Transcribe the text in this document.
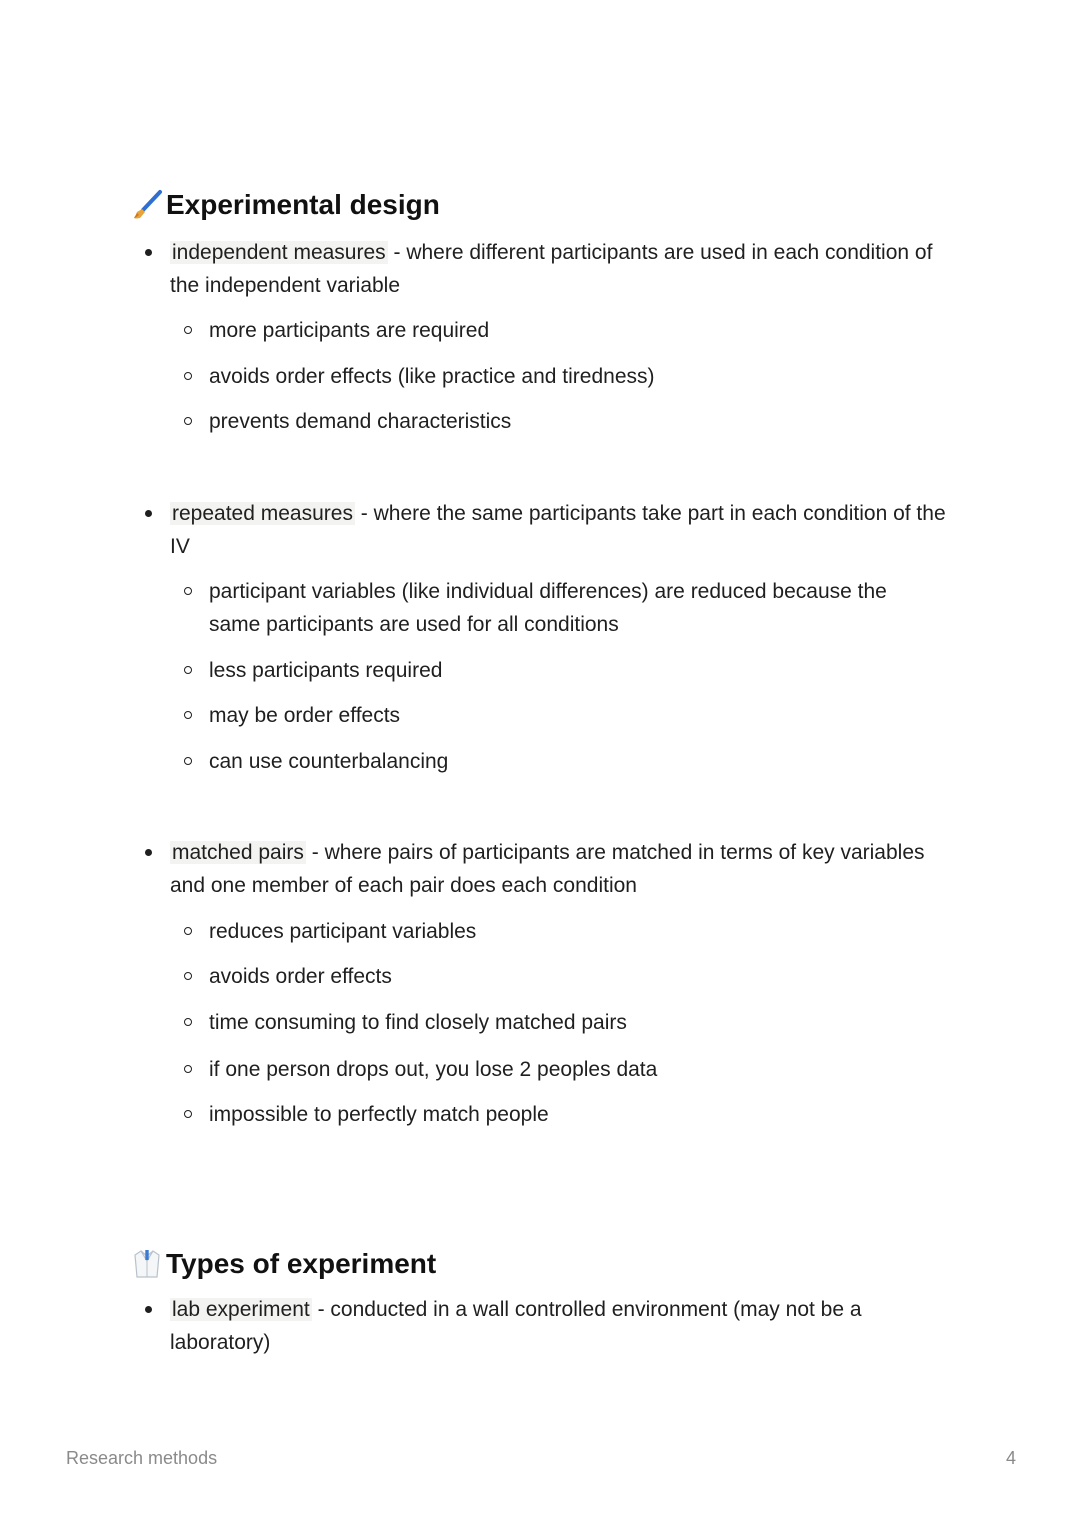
Experimental design
independent measures - where different participants are used in each condition of the independent variable
more participants are required
avoids order effects (like practice and tiredness)
prevents demand characteristics
repeated measures - where the same participants take part in each condition of the IV
participant variables (like individual differences) are reduced because the same participants are used for all conditions
less participants required
may be order effects
can use counterbalancing
matched pairs - where pairs of participants are matched in terms of key variables and one member of each pair does each condition
reduces participant variables
avoids order effects
time consuming to find closely matched pairs
if one person drops out, you lose 2 peoples data
impossible to perfectly match people
Types of experiment
lab experiment - conducted in a wall controlled environment (may not be a laboratory)
Research methods	4
